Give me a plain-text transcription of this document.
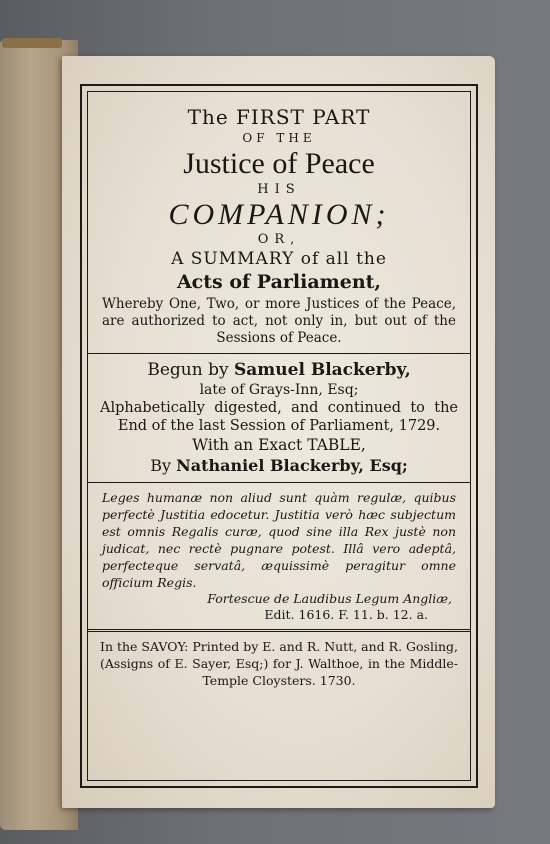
The FIRST PART
OF THE
Justice of Peace
HIS
COMPANION;
OR,
A SUMMARY of all the
Acts of Parliament,
Whereby One, Two, or more Justices of the Peace, are authorized to act, not only in, but out of the Sessions of Peace.
Begun by Samuel Blackerby,
late of Grays-Inn, Esq;
Alphabetically digested, and continued to the End of the last Session of Parliament, 1729.
With an Exact TABLE,
By Nathaniel Blackerby, Esq;
Leges humanæ non aliud sunt quàm regulæ, quibus perfectè Justitia edocetur. Justitia verò hæc subjectum est omnis Regalis curæ, quod sine illa Rex justè non judicat, nec rectè pugnare potest. Illâ vero adeptâ, perfecteque servatâ, æquissimè peragitur omne officium Regis.
Fortescue de Laudibus Legum Angliæ,
Edit. 1616. F. 11. b. 12. a.
In the SAVOY: Printed by E. and R. Nutt, and R. Gosling, (Assigns of E. Sayer, Esq;) for J. Walthoe, in the Middle-Temple Cloysters. 1730.
